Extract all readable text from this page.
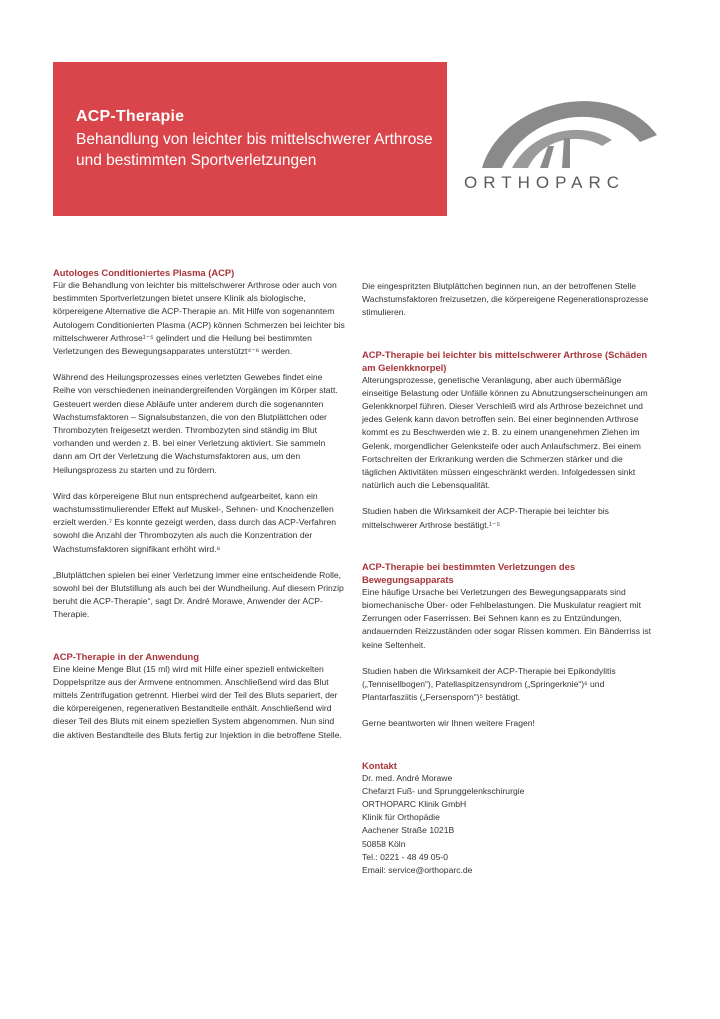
ACP-Therapie
Behandlung von leichter bis mittelschwerer Arthrose und bestimmten Sportverletzungen
ORTHOPARC
Autologes Conditioniertes Plasma (ACP)

Für die Behandlung von leichter bis mittelschwerer Arthrose oder auch von bestimmten Sportverletzungen bietet unsere Klinik als biologische, körpereigene Alternative die ACP-Therapie an. Mit Hilfe von sogenanntem Autologem Conditionierten Plasma (ACP) können Schmerzen bei leichter bis mittelschwerer Arthrose¹⁻⁵ gelindert und die Heilung bei bestimmten Verletzungen des Bewegungsapparates unterstützt⁴⁻⁶ werden.

Während des Heilungsprozesses eines verletzten Gewebes findet eine Reihe von verschiedenen ineinandergreifenden Vorgängen im Körper statt. Gesteuert werden diese Abläufe unter anderem durch die sogenannten Wachstumsfaktoren – Signalsubstanzen, die von den Blutplättchen oder Thrombozyten freigesetzt werden. Thrombozyten sind ständig im Blut vorhanden und werden z. B. bei einer Verletzung aktiviert. Sie sammeln dann am Ort der Verletzung die Wachstumsfaktoren aus, um den Heilungsprozess zu starten und zu fördern.

Wird das körpereigene Blut nun entsprechend aufgearbeitet, kann ein wachstumsstimulierender Effekt auf Muskel-, Sehnen- und Knochenzellen erzielt werden.⁷ Es konnte gezeigt werden, dass durch das ACP-Verfahren sowohl die Anzahl der Thrombozyten als auch die Konzentration der Wachstumsfaktoren signifikant erhöht wird.⁸

„Blutplättchen spielen bei einer Verletzung immer eine entscheidende Rolle, sowohl bei der Blutstillung als auch bei der Wundheilung. Auf diesem Prinzip beruht die ACP-Therapie“, sagt Dr. André Morawe, Anwender der ACP-Therapie.

ACP-Therapie in der Anwendung

Eine kleine Menge Blut (15 ml) wird mit Hilfe einer speziell entwickelten Doppelspritze aus der Armvene entnommen. Anschließend wird das Blut mittels Zentrifugation getrennt. Hierbei wird der Teil des Bluts separiert, der die körpereigenen, regenerativen Bestandteile enthält. Anschließend wird dieser Teil des Bluts mit einem speziellen System abgenommen. Nun sind die aktiven Bestandteile des Bluts fertig zur Injektion in die betroffene Stelle.

Die eingespritzten Blutplättchen beginnen nun, an der betroffenen Stelle Wachstumsfaktoren freizusetzen, die körpereigene Regenerationsprozesse stimulieren.

ACP-Therapie bei leichter bis mittelschwerer Arthrose (Schäden am Gelenkknorpel)

Alterungsprozesse, genetische Veranlagung, aber auch übermäßige einseitige Belastung oder Unfälle können zu Abnutzungserscheinungen am Gelenkknorpel führen. Dieser Verschleiß wird als Arthrose bezeichnet und jedes Gelenk kann davon betroffen sein. Bei einer beginnenden Arthrose kommt es zu Beschwerden wie z. B. zu einem unangenehmen Ziehen im Gelenk, morgendlicher Gelenksteife oder auch Anlaufschmerz. Bei einem Fortschreiten der Erkrankung werden die Schmerzen stärker und die täglichen Aktivitäten müssen eingeschränkt werden. Infolgedessen sinkt natürlich auch die Lebensqualität.

Studien haben die Wirksamkeit der ACP-Therapie bei leichter bis mittelschwerer Arthrose bestätigt.¹⁻⁵

ACP-Therapie bei bestimmten Verletzungen des Bewegungsapparats

Eine häufige Ursache bei Verletzungen des Bewegungsapparats sind biomechanische Über- oder Fehlbelastungen. Die Muskulatur reagiert mit Zerrungen oder Faserrissen. Bei Sehnen kann es zu Entzündungen, andauernden Reizzuständen oder sogar Rissen kommen. Ein Bänderriss ist keine Seltenheit.

Studien haben die Wirksamkeit der ACP-Therapie bei Epikondylitis („Tennisellbogen“), Patellaspitzensyndrom („Springerknie“)⁶ und Plantarfasziitis („Fersensporn“)⁵ bestätigt.

Gerne beantworten wir Ihnen weitere Fragen!

Kontakt
Dr. med. André Morawe
Chefarzt Fuß- und Sprunggelenkschirurgie
ORTHOPARC Klinik GmbH
Klinik für Orthopädie
Aachener Straße 1021B
50858 Köln
Tel.: 0221 - 48 49 05-0
Email: service@orthoparc.de
